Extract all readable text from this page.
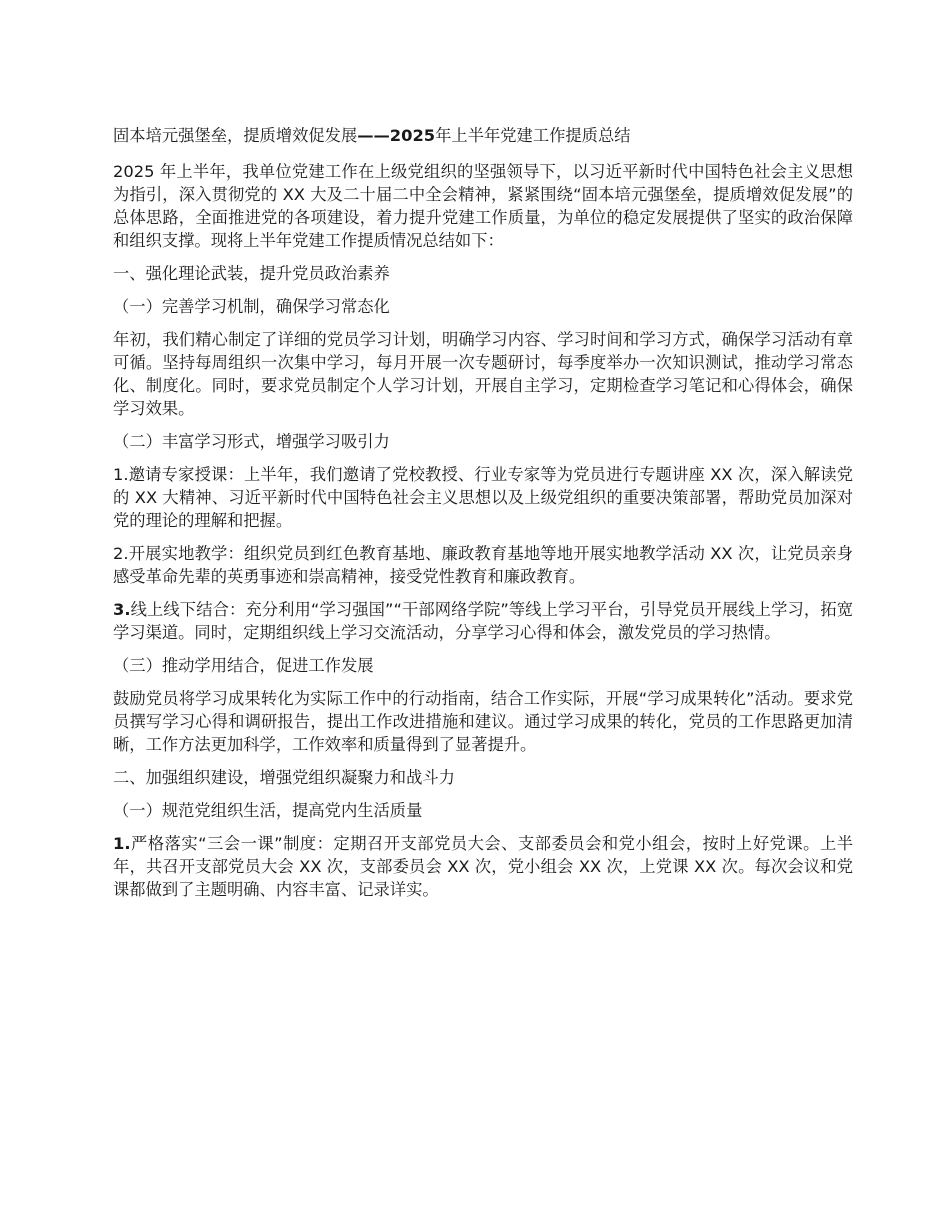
固本培元强堡垒，提质增效促发展——2025年上半年党建工作提质总结

2025 年上半年，我单位党建工作在上级党组织的坚强领导下，以习近平新时代中国特色社会主义思想为指引，深入贯彻党的 XX 大及二十届二中全会精神，紧紧围绕“固本培元强堡垒，提质增效促发展”的总体思路，全面推进党的各项建设，着力提升党建工作质量，为单位的稳定发展提供了坚实的政治保障和组织支撑。现将上半年党建工作提质情况总结如下：

一、强化理论武装，提升党员政治素养

（一）完善学习机制，确保学习常态化

年初，我们精心制定了详细的党员学习计划，明确学习内容、学习时间和学习方式，确保学习活动有章可循。坚持每周组织一次集中学习，每月开展一次专题研讨，每季度举办一次知识测试，推动学习常态化、制度化。同时，要求党员制定个人学习计划，开展自主学习，定期检查学习笔记和心得体会，确保学习效果。

（二）丰富学习形式，增强学习吸引力

1.邀请专家授课：上半年，我们邀请了党校教授、行业专家等为党员进行专题讲座 XX 次，深入解读党的 XX 大精神、习近平新时代中国特色社会主义思想以及上级党组织的重要决策部署，帮助党员加深对党的理论的理解和把握。

2.开展实地教学：组织党员到红色教育基地、廉政教育基地等地开展实地教学活动 XX 次，让党员亲身感受革命先辈的英勇事迹和崇高精神，接受党性教育和廉政教育。

3.线上线下结合：充分利用“学习强国”“干部网络学院”等线上学习平台，引导党员开展线上学习，拓宽学习渠道。同时，定期组织线上学习交流活动，分享学习心得和体会，激发党员的学习热情。

（三）推动学用结合，促进工作发展

鼓励党员将学习成果转化为实际工作中的行动指南，结合工作实际，开展“学习成果转化”活动。要求党员撰写学习心得和调研报告，提出工作改进措施和建议。通过学习成果的转化，党员的工作思路更加清晰，工作方法更加科学，工作效率和质量得到了显著提升。

二、加强组织建设，增强党组织凝聚力和战斗力

（一）规范党组织生活，提高党内生活质量

1.严格落实“三会一课”制度：定期召开支部党员大会、支部委员会和党小组会，按时上好党课。上半年，共召开支部党员大会 XX 次，支部委员会 XX 次，党小组会 XX 次，上党课 XX 次。每次会议和党课都做到了主题明确、内容丰富、记录详实。
